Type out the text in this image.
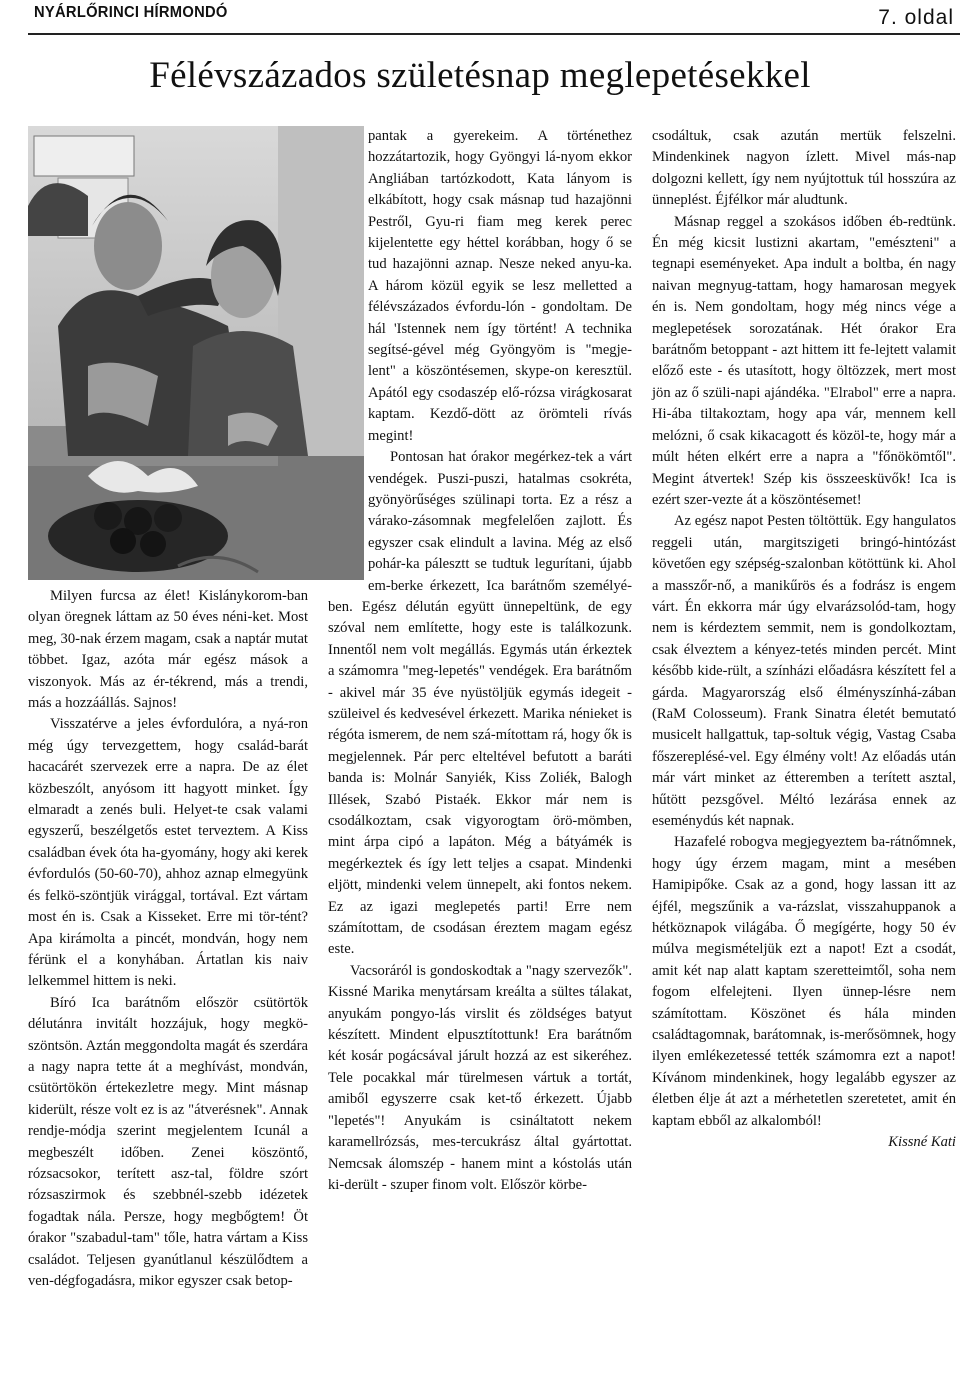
NYÁRLŐRINCI HÍRMONDÓ	7. oldal
Félévszázados születésnap meglepetésekkel

Milyen furcsa az élet! Kislánykorom-ban olyan öregnek láttam az 50 éves néni-ket. Most meg, 30-nak érzem magam, csak a naptár mutat többet. Igaz, azóta már egész mások a viszonyok. Más az ér-tékrend, más a trendi, más a hozzáállás. Sajnos!

Visszatérve a jeles évfordulóra, a nyá-ron még úgy tervezgettem, hogy család-barát hacacárét szervezek erre a napra. De az élet közbeszólt, anyósom itt hagyott minket. Így elmaradt a zenés buli. Helyet-te csak valami egyszerű, beszélgetős estet terveztem. A Kiss családban évek óta ha-gyomány, hogy aki kerek évfordulós (50-60-70), ahhoz aznap elmegyünk és felkö-szöntjük virággal, tortával. Ezt vártam most én is. Csak a Kisseket. Erre mi tör-tént? Apa kirámolta a pincét, mondván, hogy nem férünk el a konyhában. Ártatlan kis naiv lelkemmel hittem is neki.

Bíró Ica barátnőm először csütörtök délutánra invitált hozzájuk, hogy megkö-szöntsön. Aztán meggondolta magát és szerdára a nagy napra tette át a meghívást, mondván, csütörtökön értekezletre megy. Mint másnap kiderült, része volt ez is az "átverésnek". Annak rendje-módja szerint megjelentem Icunál a megbeszélt időben. Zenei köszöntő, rózsacsokor, terített asz-tal, földre szórt rózsaszirmok és szebbnél-szebb idézetek fogadtak nála. Persze, hogy megbőgtem! Öt órakor "szabadul-tam" tőle, hatra vártam a Kiss családot. Teljesen gyanútlanul készülődtem a ven-dégfogadásra, mikor egyszer csak betop-

pantak a gyerekeim. A történethez hozzátartozik, hogy Gyöngyi lá-nyom ekkor Angliában tartózkodott, Kata lányom is elkábított, hogy csak másnap tud hazajönni Pestről, Gyu-ri fiam meg kerek perec kijelentette egy héttel korábban, hogy ő se tud hazajönni aznap. Nesze neked anyu-ka. A három közül egyik se lesz melletted a félévszázados évfordu-lón - gondoltam. De hál 'Istennek nem így történt! A technika segítsé-gével még Gyöngyöm is "megje-lent" a köszöntésemen, skype-on keresztül. Apától egy csodaszép elő-rózsa virágkosarat kaptam. Kezdő-dött az örömteli rívás megint!

Pontosan hat órakor megérkez-tek a várt vendégek. Puszi-puszi, hatalmas csokréta, gyönyörűséges szülinapi torta. Ez a rész a várako-zásomnak megfelelően zajlott. És egyszer csak elindult a lavina. Még az első pohár-ka pálesztt se tudtuk legurítani, újabb em-berke érkezett, Ica barátnőm személyé-ben. Egész délután együtt ünnepeltünk, de egy szóval nem említette, hogy este is találkozunk. Innentől nem volt megállás. Egymás után érkeztek a számomra "meg-lepetés" vendégek. Era barátnőm - akivel már 35 éve nyüstöljük egymás idegeit - szüleivel és kedvesével érkezett. Marika nénieket is régóta ismerem, de nem szá-mítottam rá, hogy ők is megjelennek. Pár perc elteltével befutott a baráti banda is: Molnár Sanyiék, Kiss Zoliék, Balogh Illések, Szabó Pistaék. Ekkor már nem is csodálkoztam, csak vigyorogtam örö-mömben, mint árpa cipó a lapáton. Még a bátyámék is megérkeztek és így lett teljes a csapat. Mindenki eljött, mindenki velem ünnepelt, aki fontos nekem. Ez az igazi meglepetés parti! Erre nem számítottam, de csodásan éreztem magam egész este.

Vacsoráról is gondoskodtak a "nagy szervezők". Kissné Marika menytársam kreálta a sültes tálakat, anyukám pongyo-lás virslit és zöldséges batyut készített. Mindent elpusztítottunk! Era barátnőm két kosár pogácsával járult hozzá az est sikeréhez. Tele pocakkal már türelmesen vártuk a tortát, amiből egyszerre csak ket-tő érkezett. Újabb "lepetés"! Anyukám is csináltatott nekem karamellrózsás, mes-tercukrász által gyártottat. Nemcsak álomszép - hanem mint a kóstolás után ki-derült - szuper finom volt. Először körbe-

csodáltuk, csak azután mertük felszelni. Mindenkinek nagyon ízlett. Mivel más-nap dolgozni kellett, így nem nyújtottuk túl hosszúra az ünneplést. Éjfélkor már aludtunk.

Másnap reggel a szokásos időben éb-redtünk. Én még kicsit lustizni akartam, "emészteni" a tegnapi eseményeket. Apa indult a boltba, én nagy naivan megnyug-tattam, hogy hamarosan megyek én is. Nem gondoltam, hogy még nincs vége a meglepetések sorozatának. Hét órakor Era barátnőm betoppant - azt hittem itt fe-lejtett valamit előző este - és utasított, hogy öltözzek, mert most jön az ő szüli-napi ajándéka. "Elrabol" erre a napra. Hi-ába tiltakoztam, hogy apa vár, mennem kell melózni, ő csak kikacagott és közöl-te, hogy már a múlt héten elkért erre a napra a "főnökömtől". Megint átvertek! Szép kis összeesküvők! Ica is ezért szer-vezte át a köszöntésemet!

Az egész napot Pesten töltöttük. Egy hangulatos reggeli után, margitszigeti bringó-hintózást követően egy szépség-szalonban kötöttünk ki. Ahol a masszőr-nő, a manikűrös és a fodrász is engem várt. Én ekkorra már úgy elvarázsolód-tam, hogy nem is kérdeztem semmit, nem is gondolkoztam, csak élveztem a kényez-tetés minden percét. Mint később kide-rült, a színházi előadásra készített fel a gárda. Magyarország első élményszínhá-zában (RaM Colosseum). Frank Sinatra életét bemutató musicelt hallgattuk, tap-soltuk végig, Vastag Csaba főszereplésé-vel. Egy élmény volt! Az előadás után már várt minket az étteremben a terített asztal, hűtött pezsgővel. Méltó lezárása ennek az eseménydús két napnak.

Hazafelé robogva megjegyeztem ba-rátnőmnek, hogy úgy érzem magam, mint a mesében Hamipipőke. Csak az a gond, hogy lassan itt az éjfél, megszűnik a va-rázslat, visszahuppanok a hétköznapok világába. Ő megígérte, hogy 50 év múlva megismételjük ezt a napot! Ezt a csodát, amit két nap alatt kaptam szeretteimtől, soha nem fogom elfelejteni. Ilyen ünnep-lésre nem számítottam. Köszönet és hála minden családtagomnak, barátomnak, is-merősömnek, hogy ilyen emlékezetessé tették számomra ezt a napot! Kívánom mindenkinek, hogy legalább egyszer az életben élje át azt a mérhetetlen szeretetet, amit én kaptam ebből az alkalomból!

Kissné Kati
